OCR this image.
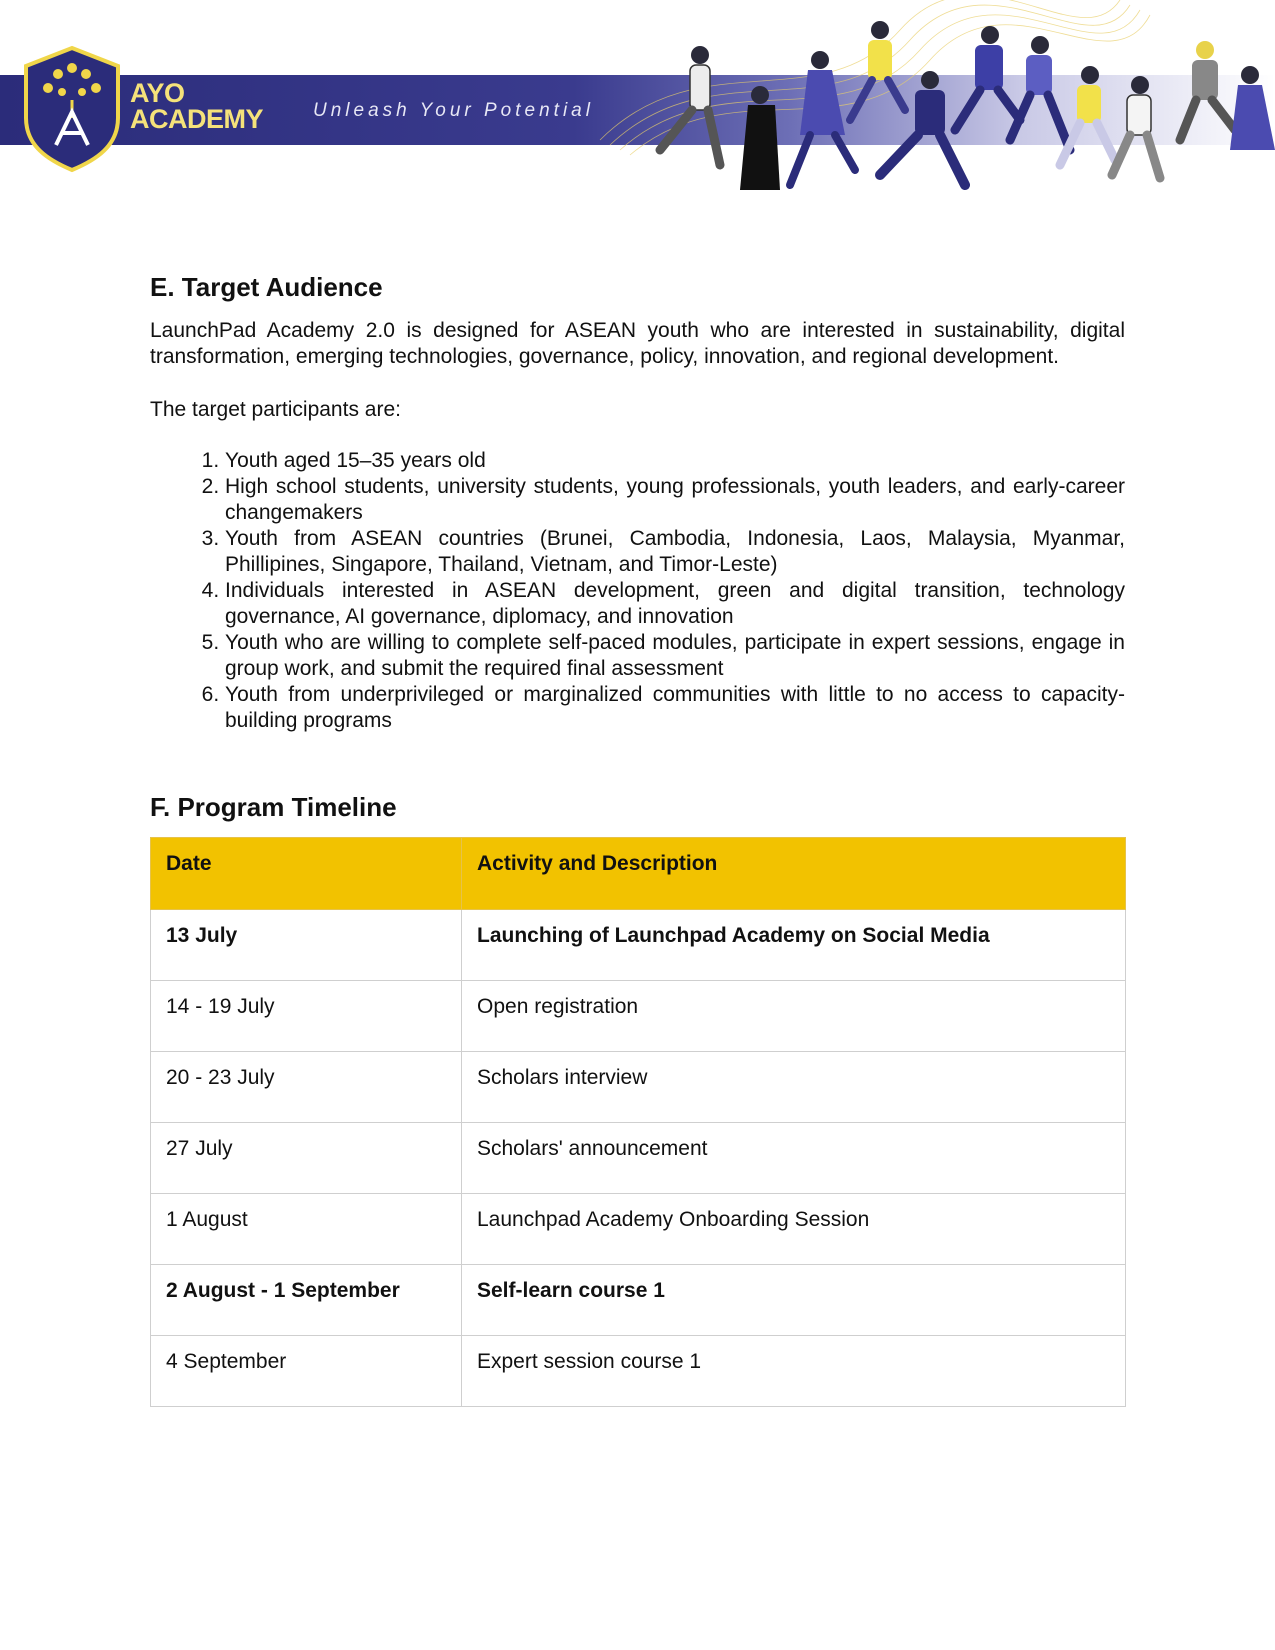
AYO
ACADEMY	Unleash Your Potential
E. Target Audience

LaunchPad Academy 2.0 is designed for ASEAN youth who are interested in sustainability, digital transformation, emerging technologies, governance, policy, innovation, and regional development.

The target participants are:

1. Youth aged 15–35 years old
2. High school students, university students, young professionals, youth leaders, and early-career changemakers
3. Youth from ASEAN countries (Brunei, Cambodia, Indonesia, Laos, Malaysia, Myanmar, Phillipines, Singapore, Thailand, Vietnam, and Timor-Leste)
4. Individuals interested in ASEAN development, green and digital transition, technology governance, AI governance, diplomacy, and innovation
5. Youth who are willing to complete self-paced modules, participate in expert sessions, engage in group work, and submit the required final assessment
6. Youth from underprivileged or marginalized communities with little to no access to capacity-building programs
F. Program Timeline
Date	Activity and Description
13 July	Launching of Launchpad Academy on Social Media
14 - 19 July	Open registration
20 - 23 July	Scholars interview
27 July	Scholars' announcement
1 August	Launchpad Academy Onboarding Session
2 August - 1 September	Self-learn course 1
4 September	Expert session course 1
